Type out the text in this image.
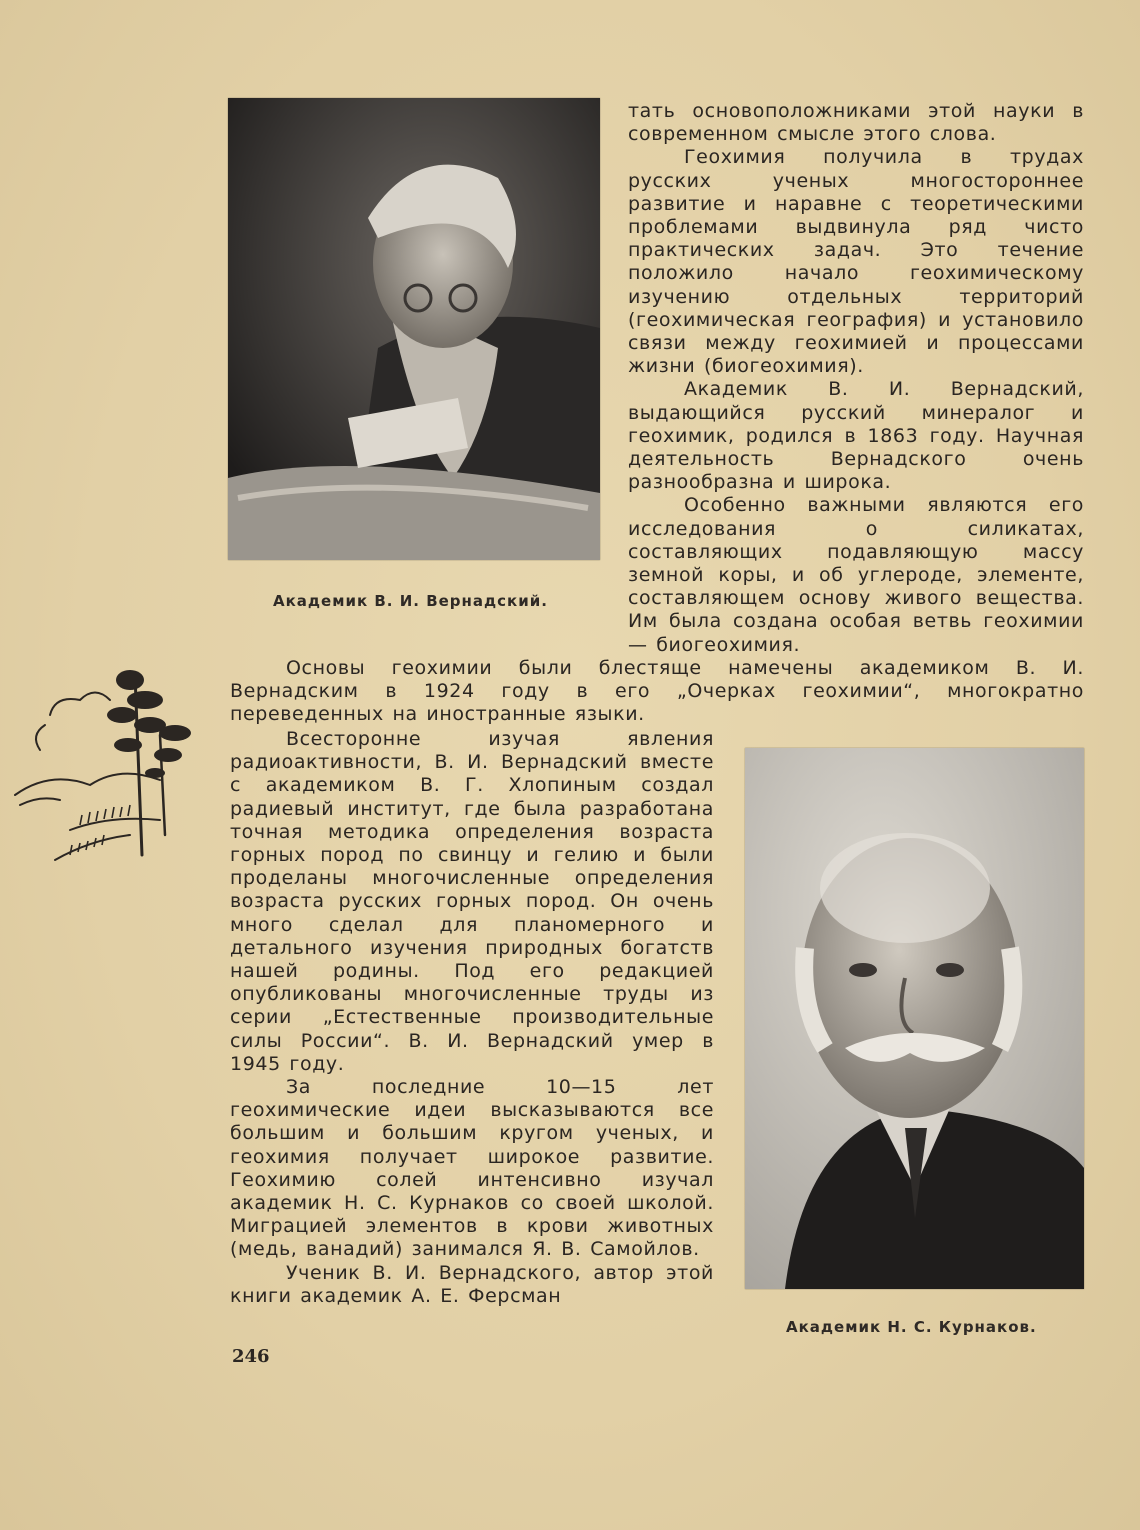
Академик В. И. Вернадский.

тать основоположниками этой науки в современном смысле этого слова.

Геохимия получила в трудах русских ученых многостороннее развитие и наравне с теоретическими проблемами выдвинула ряд чисто практических задач. Это течение положило начало геохимическому изучению отдельных территорий (геохимическая география) и установило связи между геохимией и процессами жизни (биогеохимия).

Академик В. И. Вернадский, выдающийся русский минералог и геохимик, родился в 1863 году. Научная деятельность Вернадского очень разнообразна и широка.

Особенно важными являются его исследования о силикатах, составляющих подавляющую массу земной коры, и об углероде, элементе, составляющем основу живого вещества. Им была создана особая ветвь геохимии — биогеохимия.

Основы геохимии были блестяще намечены академиком В. И. Вернадским в 1924 году в его „Очерках геохимии“, многократно переведенных на иностранные языки.

Всесторонне изучая явления радиоактивности, В. И. Вернадский вместе с академиком В. Г. Хлопиным создал радиевый институт, где была разработана точная методика определения возраста горных пород по свинцу и гелию и были проделаны многочисленные определения возраста русских горных пород. Он очень много сделал для планомерного и детального изучения природных богатств нашей родины. Под его редакцией опубликованы многочисленные труды из серии „Естественные производительные силы России“. В. И. Вернадский умер в 1945 году.

За последние 10—15 лет геохимические идеи высказываются все большим и большим кругом ученых, и геохимия получает широкое развитие. Геохимию солей интенсивно изучал академик Н. С. Курнаков со своей школой. Миграцией элементов в крови животных (медь, ванадий) занимался Я. В. Самойлов.

Ученик В. И. Вернадского, автор этой книги академик А. Е. Ферсман

Академик Н. С. Курнаков.

246
